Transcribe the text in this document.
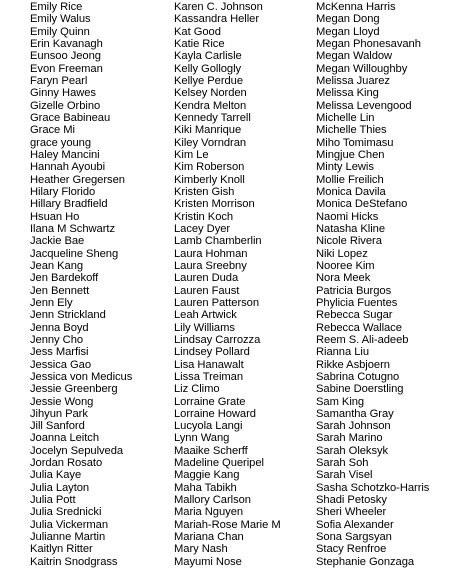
Emily Rice
Emily Walus
Emily Quinn
Erin Kavanagh
Eunsoo Jeong
Evon Freeman
Faryn Pearl
Ginny Hawes
Gizelle Orbino
Grace Babineau
Grace Mi
grace young
Haley Mancini
Hannah Ayoubi
Heather Gregersen
Hilary Florido
Hillary Bradfield
Hsuan Ho
Ilana M Schwartz
Jackie Bae
Jacqueline Sheng
Jean Kang
Jen Bardekoff
Jen Bennett
Jenn Ely
Jenn Strickland
Jenna Boyd
Jenny Cho
Jess Marfisi
Jessica Gao
Jessica von Medicus
Jessie Greenberg
Jessie Wong
Jihyun Park
Jill Sanford
Joanna Leitch
Jocelyn Sepulveda
Jordan Rosato
Julia Kaye
Julia Layton
Julia Pott
Julia Srednicki
Julia Vickerman
Julianne Martin
Kaitlyn Ritter
Kaitrin Snodgrass
Karen C. Johnson
Kassandra Heller
Kat Good
Katie Rice
Kayla Carlisle
Kelly Gollogly
Kellye Perdue
Kelsey Norden
Kendra Melton
Kennedy Tarrell
Kiki Manrique
Kiley Vorndran
Kim Le
Kim Roberson
Kimberly Knoll
Kristen Gish
Kristen Morrison
Kristin Koch
Lacey Dyer
Lamb Chamberlin
Laura Hohman
Laura Sreebny
Lauren Duda
Lauren Faust
Lauren Patterson
Leah Artwick
Lily Williams
Lindsay Carrozza
Lindsey Pollard
Lisa Hanawalt
Lissa Treiman
Liz Climo
Lorraine Grate
Lorraine Howard
Lucyola Langi
Lynn Wang
Maaike Scherff
Madeline Queripel
Maggie Kang
Maha Tabikh
Mallory Carlson
Maria Nguyen
Mariah-Rose Marie M
Mariana Chan
Mary Nash
Mayumi Nose
McKenna Harris
Megan Dong
Megan Lloyd
Megan Phonesavanh
Megan Waldow
Megan Willoughby
Melissa Juarez
Melissa King
Melissa Levengood
Michelle Lin
Michelle Thies
Miho Tomimasu
Mingjue Chen
Minty Lewis
Mollie Freilich
Monica Davila
Monica DeStefano
Naomi Hicks
Natasha Kline
Nicole Rivera
Niki Lopez
Nooree Kim
Nora Meek
Patricia Burgos
Phylicia Fuentes
Rebecca Sugar
Rebecca Wallace
Reem S. Ali-adeeb
Rianna Liu
Rikke Asbjoern
Sabrina Cotugno
Sabine Doerstling
Sam King
Samantha Gray
Sarah Johnson
Sarah Marino
Sarah Oleksyk
Sarah Soh
Sarah Visel
Sasha Schotzko-Harris
Shadi Petosky
Sheri Wheeler
Sofia Alexander
Sona Sargsyan
Stacy Renfroe
Stephanie Gonzaga
